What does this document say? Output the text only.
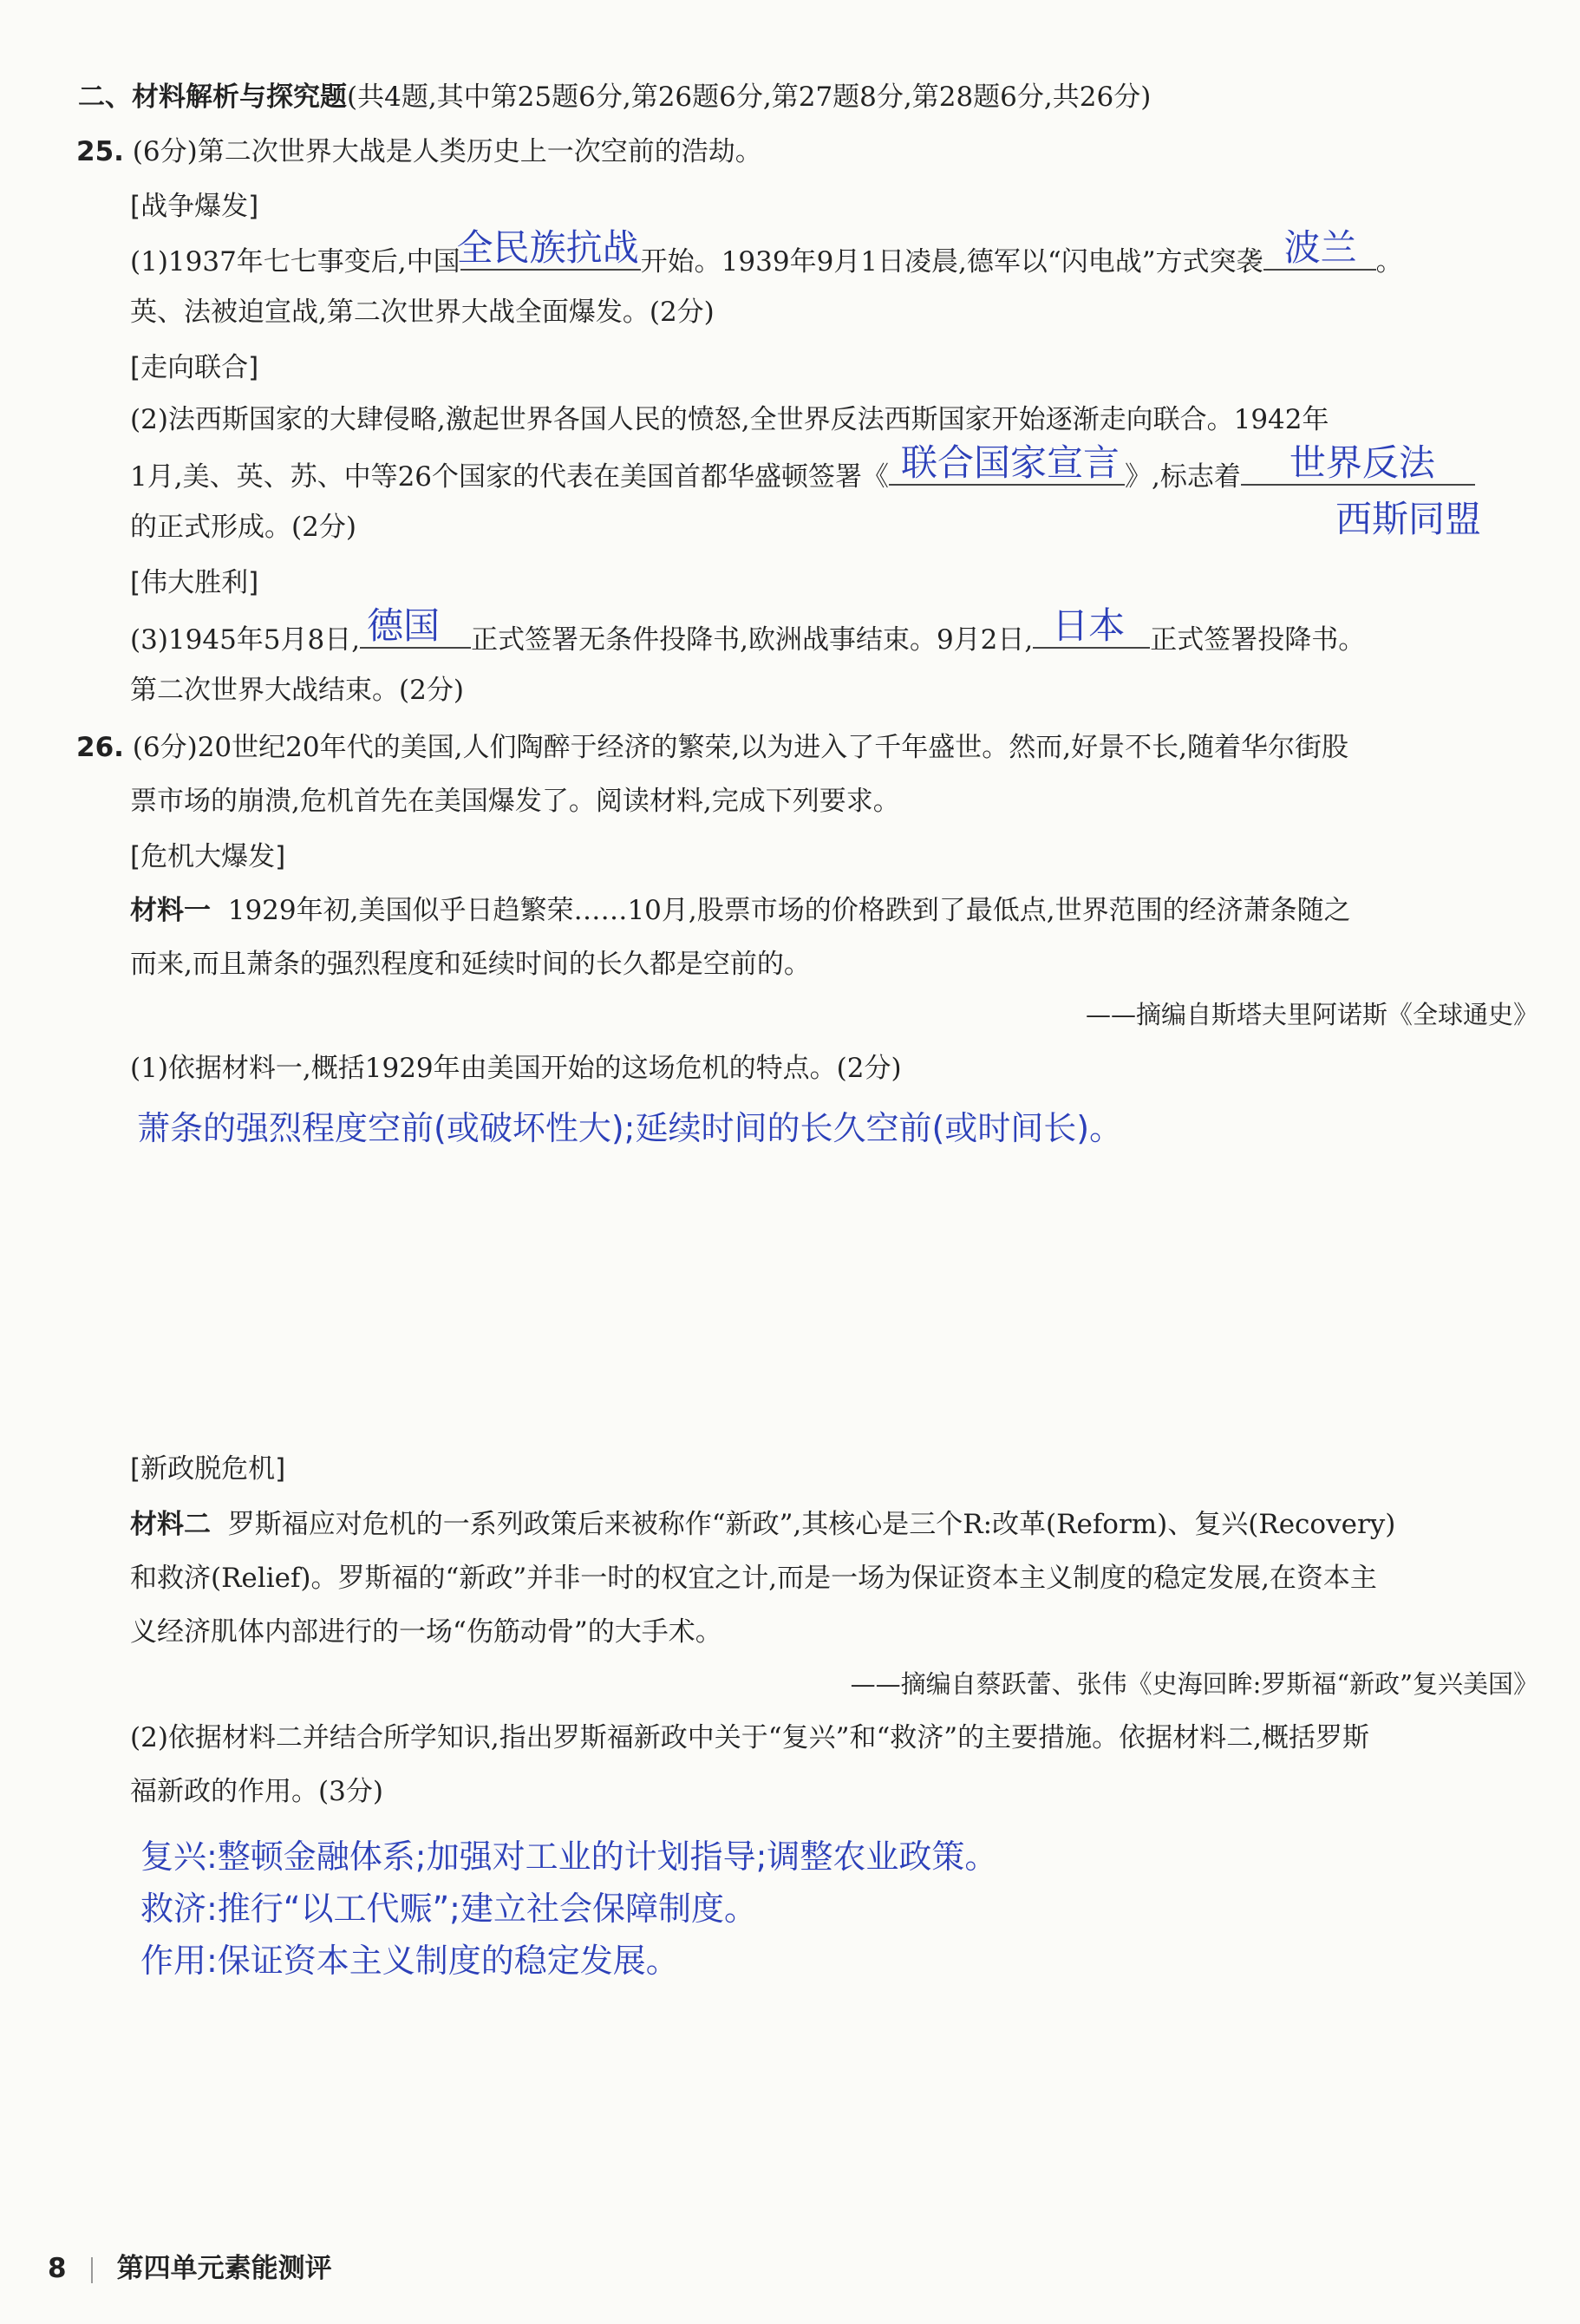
二、材料解析与探究题(共4题,其中第25题6分,第26题6分,第27题8分,第28题6分,共26分)
25. (6分)第二次世界大战是人类历史上一次空前的浩劫。
[战争爆发]
(1)1937年七七事变后,中国
全民族抗战 开始。1939年9月1日凌晨,德军以“闪电战”方式突袭 波兰 。
英、法被迫宣战,第二次世界大战全面爆发。(2分)
[走向联合]
(2)法西斯国家的大肆侵略,激起世界各国人民的愤怒,全世界反法西斯国家开始逐渐走向联合。1942年
1月,美、英、苏、中等26个国家的代表在美国首都华盛顿签署《 联合国家宣言 》,标志着 世界反法
西斯同盟
的正式形成。(2分)
[伟大胜利]
(3)1945年5月8日, 德国 正式签署无条件投降书,欧洲战事结束。9月2日, 日本 正式签署投降书。
第二次世界大战结束。(2分)
26. (6分)20世纪20年代的美国,人们陶醉于经济的繁荣,以为进入了千年盛世。然而,好景不长,随着华尔街股
票市场的崩溃,危机首先在美国爆发了。阅读材料,完成下列要求。
[危机大爆发]
材料一 1929年初,美国似乎日趋繁荣……10月,股票市场的价格跌到了最低点,世界范围的经济萧条随之
而来,而且萧条的强烈程度和延续时间的长久都是空前的。
——摘编自斯塔夫里阿诺斯《全球通史》
(1)依据材料一,概括1929年由美国开始的这场危机的特点。(2分)
萧条的强烈程度空前(或破坏性大);延续时间的长久空前(或时间长)。
[新政脱危机]
材料二 罗斯福应对危机的一系列政策后来被称作“新政”,其核心是三个R:改革(Reform)、复兴(Recovery)
和救济(Relief)。罗斯福的“新政”并非一时的权宜之计,而是一场为保证资本主义制度的稳定发展,在资本主
义经济肌体内部进行的一场“伤筋动骨”的大手术。
——摘编自蔡跃蕾、张伟《史海回眸:罗斯福“新政”复兴美国》
(2)依据材料二并结合所学知识,指出罗斯福新政中关于“复兴”和“救济”的主要措施。依据材料二,概括罗斯
福新政的作用。(3分)
复兴:整顿金融体系;加强对工业的计划指导;调整农业政策。
救济:推行“以工代赈”;建立社会保障制度。
作用:保证资本主义制度的稳定发展。
8 第四单元素能测评
